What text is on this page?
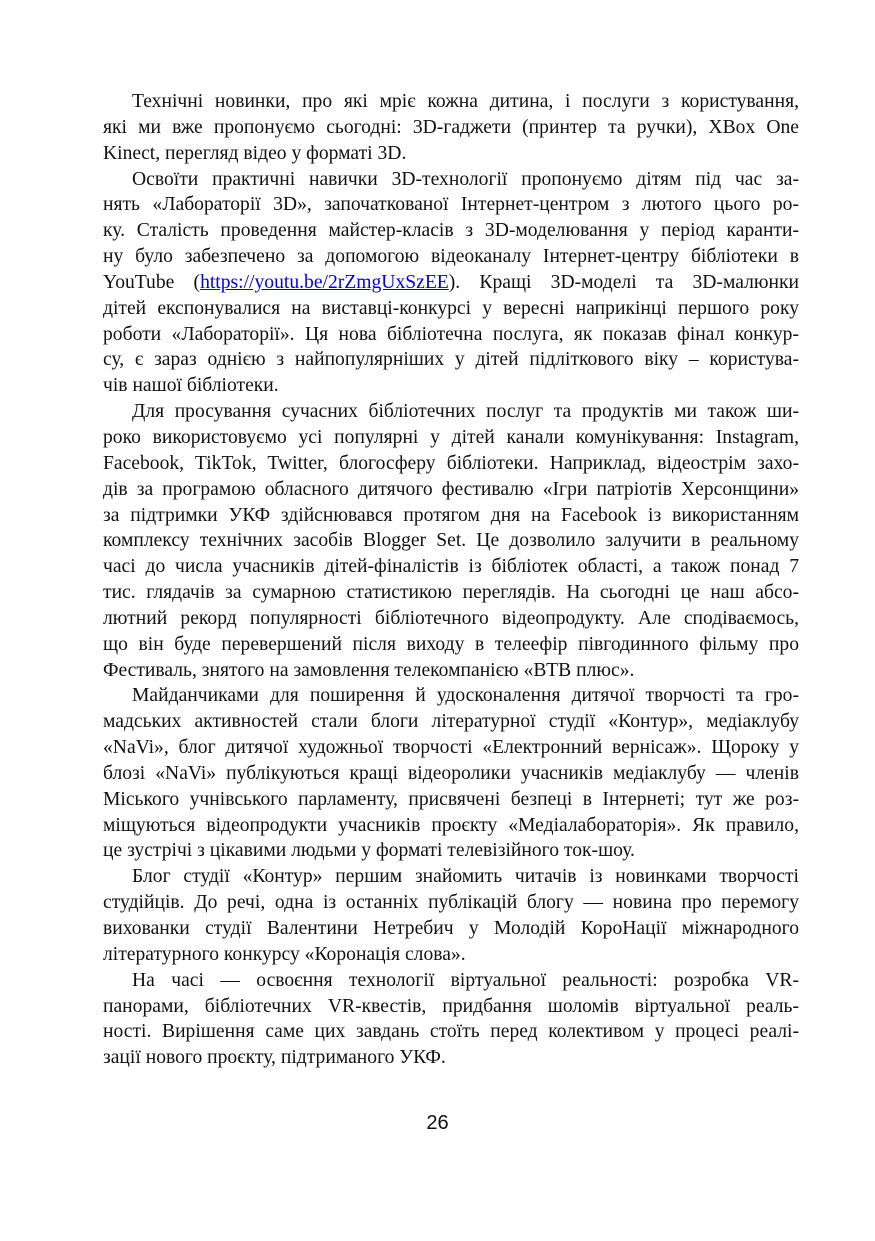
Технічні новинки, про які мріє кожна дитина, і послуги з користування,
які ми вже пропонуємо сьогодні: 3D-гаджети (принтер та ручки), XBox One
Kinect, перегляд відео у форматі 3D.
Освоїти практичні навички 3D-технології пропонуємо дітям під час за-
нять «Лабораторії 3D», започаткованої Інтернет-центром з лютого цього ро-
ку. Сталість проведення майстер-класів з 3D-моделювання у період каранти-
ну було забезпечено за допомогою відеоканалу Інтернет-центру бібліотеки в
YouTube (https://youtu.be/2rZmgUxSzEE). Кращі 3D-моделі та 3D-малюнки
дітей експонувалися на виставці-конкурсі у вересні наприкінці першого року
роботи «Лабораторії». Ця нова бібліотечна послуга, як показав фінал конкур-
су, є зараз однією з найпопулярніших у дітей підліткового віку – користува-
чів нашої бібліотеки.
Для просування сучасних бібліотечних послуг та продуктів ми також ши-
роко використовуємо усі популярні у дітей канали комунікування: Instagram,
Facebook, TikTok, Twitter, блогосферу бібліотеки. Наприклад, відеострім захо-
дів за програмою обласного дитячого фестивалю «Ігри патріотів Херсонщини»
за підтримки УКФ здійснювався протягом дня на Facebook із використанням
комплексу технічних засобів Blogger Set. Це дозволило залучити в реальному
часі до числа учасників дітей-фіналістів із бібліотек області, а також понад 7
тис. глядачів за сумарною статистикою переглядів. На сьогодні це наш абсо-
лютний рекорд популярності бібліотечного відеопродукту. Але сподіваємось,
що він буде перевершений після виходу в телеефір півгодинного фільму про
Фестиваль, знятого на замовлення телекомпанією «ВТВ плюс».
Майданчиками для поширення й удосконалення дитячої творчості та гро-
мадських активностей стали блоги літературної студії «Контур», медіаклубу
«NaVi», блог дитячої художньої творчості «Електронний вернісаж». Щороку у
блозі «NaVi» публікуються кращі відеоролики учасників медіаклубу — членів
Міського учнівського парламенту, присвячені безпеці в Інтернеті; тут же роз-
міщуються відеопродукти учасників проєкту «Медіалабораторія». Як правило,
це зустрічі з цікавими людьми у форматі телевізійного ток-шоу.
Блог студії «Контур» першим знайомить читачів із новинками творчості
студійців. До речі, одна із останніх публікацій блогу — новина про перемогу
вихованки студії Валентини Нетребич у Молодій КороНації міжнародного
літературного конкурсу «Коронація слова».
На часі — освоєння технології віртуальної реальності: розробка VR-
панорами, бібліотечних VR-квестів, придбання шоломів віртуальної реаль-
ності. Вирішення саме цих завдань стоїть перед колективом у процесі реалі-
зації нового проєкту, підтриманого УКФ.
26
